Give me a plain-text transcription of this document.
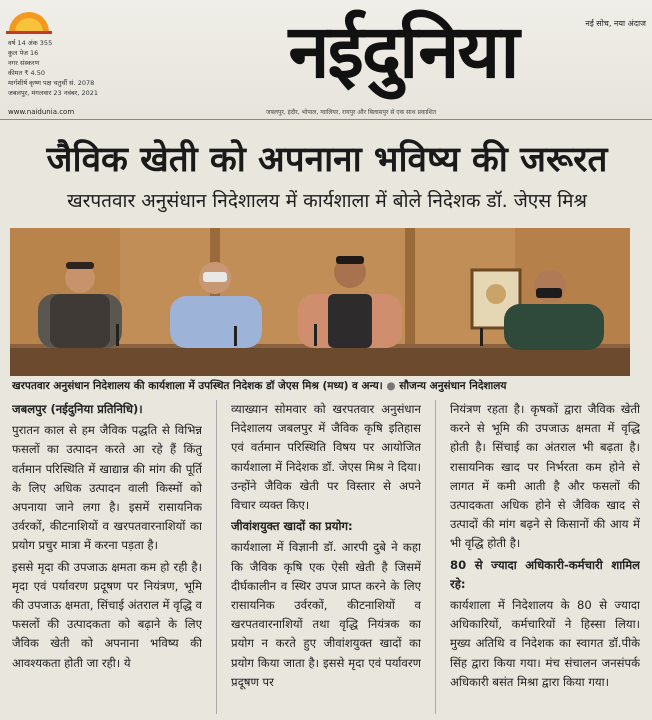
वर्ष 14 अंक 355
कुल पेज 16
नगर संस्करण
कीमत ₹ 4.50
मार्गशीर्ष कृष्ण पक्ष चतुर्थी सं. 2078
जबलपुर, मंगलवार 23 नवंबर, 2021	नईदुनिया	नई सोच, नया अंदाज
www.naidunia.com	जबलपुर, इंदौर, भोपाल, ग्वालियर, रायपुर और बिलासपुर से एक साथ प्रकाशित
जैविक खेती को अपनाना भविष्य की जरूरत
खरपतवार अनुसंधान निदेशालय में कार्यशाला में बोले निदेशक डॉ. जेएस मिश्र
खरपतवार अनुसंधान निदेशालय की कार्यशाला में उपस्थित निदेशक डॉ जेएस मिश्र (मध्य) व अन्य। ● सौजन्य अनुसंधान निदेशालय

जबलपुर (नईदुनिया प्रतिनिधि)।

पुरातन काल से हम जैविक पद्धति से विभिन्न फसलों का उत्पादन करते आ रहे हैं किंतु वर्तमान परिस्थिति में खाद्यान्न की मांग की पूर्ति के लिए अधिक उत्पादन वाली किस्मों को अपनाया जाने लगा है। इसमें रासायनिक उर्वरकों, कीटनाशियों व खरपतवारनाशियों का प्रयोग प्रचुर मात्रा में करना पड़ता है।

इससे मृदा की उपजाऊ क्षमता कम हो रही है। मृदा एवं पर्यावरण प्रदूषण पर नियंत्रण, भूमि की उपजाऊ क्षमता, सिंचाई अंतराल में वृद्धि व फसलों की उत्पादकता को बढ़ाने के लिए जैविक खेती को अपनाना भविष्य की आवश्यकता होती जा रही। ये

व्याख्यान सोमवार को खरपतवार अनुसंधान निदेशालय जबलपुर में जैविक कृषि इतिहास एवं वर्तमान परिस्थिति विषय पर आयोजित कार्यशाला में निदेशक डॉ. जेएस मिश्र ने दिया। उन्होंने जैविक खेती पर विस्तार से अपने विचार व्यक्त किए।

जीवांशयुक्त खादों का प्रयोग:

कार्यशाला में विज्ञानी डॉ. आरपी दुबे ने कहा कि जैविक कृषि एक ऐसी खेती है जिसमें दीर्घकालीन व स्थिर उपज प्राप्त करने के लिए रासायनिक उर्वरकों, कीटनाशियों व खरपतवारनाशियों तथा वृद्धि नियंत्रक का प्रयोग न करते हुए जीवांशयुक्त खादों का प्रयोग किया जाता है। इससे मृदा एवं पर्यावरण प्रदूषण पर

नियंत्रण रहता है। कृषकों द्वारा जैविक खेती करने से भूमि की उपजाऊ क्षमता में वृद्धि होती है। सिंचाई का अंतराल भी बढ़ता है। रासायनिक खाद पर निर्भरता कम होने से लागत में कमी आती है और फसलों की उत्पादकता अधिक होने से जैविक खाद से उत्पादों की मांग बढ़ने से किसानों की आय में भी वृद्धि होती है।

80 से ज्यादा अधिकारी-कर्मचारी शामिल रहे:

कार्यशाला में निदेशालय के 80 से ज्यादा अधिकारियों, कर्मचारियों ने हिस्सा लिया। मुख्य अतिथि व निदेशक का स्वागत डॉ.पीके सिंह द्वारा किया गया। मंच संचालन जनसंपर्क अधिकारी बसंत मिश्रा द्वारा किया गया।
